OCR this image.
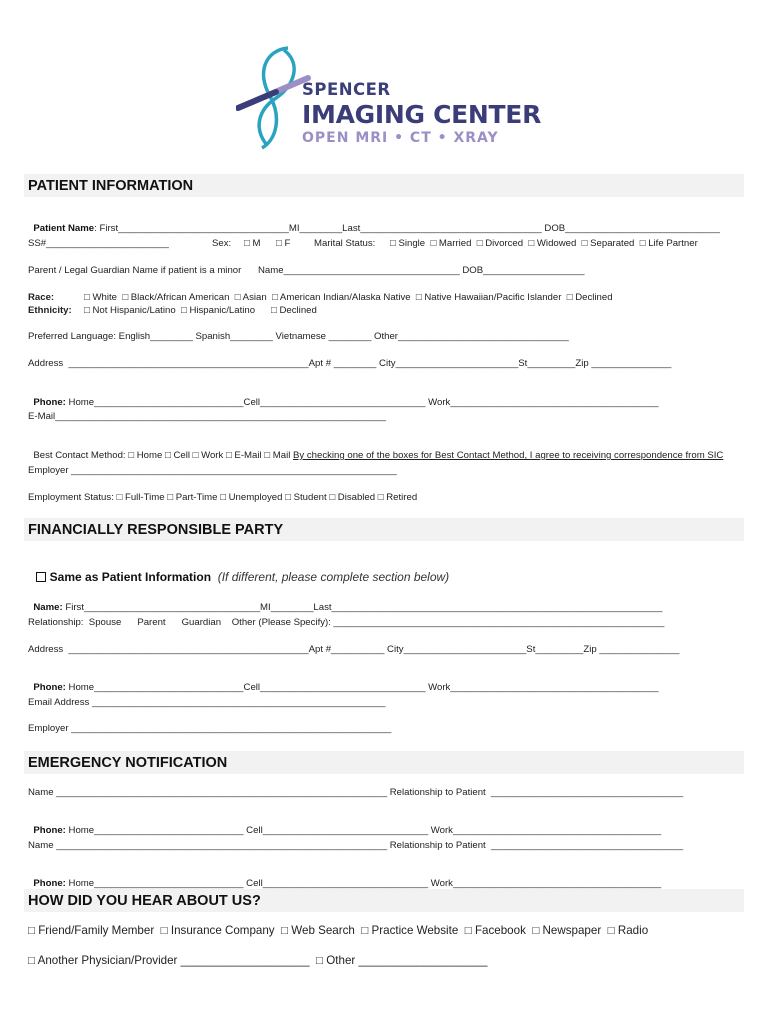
SPENCER
IMAGING CENTER
OPEN MRI • CT • XRAY
PATIENT INFORMATION

Patient Name: First________________________________MI________Last__________________________________ DOB_____________________________

SS#_______________________	Sex: □ M □ F Marital Status: □ Single  □ Married  □ Divorced  □ Widowed  □ Separated  □ Life Partner
Parent / Legal Guardian Name if patient is a minor Name_________________________________ DOB___________________
Race:	□ White  □ Black/African American  □ Asian  □ American Indian/Alaska Native  □ Native Hawaiian/Pacific Islander  □ Declined
Ethnicity: □ Not Hispanic/Latino  □ Hispanic/Latino      □ Declined
Preferred Language: English________ Spanish________ Vietnamese ________ Other________________________________
Address  _____________________________________________Apt # ________ City_______________________St_________Zip _______________

Phone: Home____________________________Cell_______________________________ Work_______________________________________

E-Mail______________________________________________________________

Best Contact Method: □ Home □ Cell □ Work □ E-Mail □ Mail By checking one of the boxes for Best Contact Method, I agree to receiving correspondence from SIC

Employer _____________________________________________________________
Employment Status: □ Full-Time □ Part-Time □ Unemployed □ Student □ Disabled □ Retired
FINANCIALLY RESPONSIBLE PARTY

Same as Patient Information (If different, please complete section below)

Name: First_________________________________MI________Last______________________________________________________________

Relationship:  Spouse      Parent      Guardian    Other (Please Specify): ______________________________________________________________
Address  _____________________________________________Apt #__________ City_______________________St_________Zip _______________

Phone: Home____________________________Cell_______________________________ Work_______________________________________

Email Address _______________________________________________________
Employer ____________________________________________________________
EMERGENCY NOTIFICATION
Name ______________________________________________________________ Relationship to Patient  ____________________________________

Phone: Home____________________________ Cell_______________________________ Work_______________________________________

Name ______________________________________________________________ Relationship to Patient  ____________________________________

Phone: Home____________________________ Cell_______________________________ Work_______________________________________

HOW DID YOU HEAR ABOUT US?
□ Friend/Family Member  □ Insurance Company  □ Web Search  □ Practice Website  □ Facebook  □ Newspaper  □ Radio
□ Another Physician/Provider ____________________  □ Other ____________________
